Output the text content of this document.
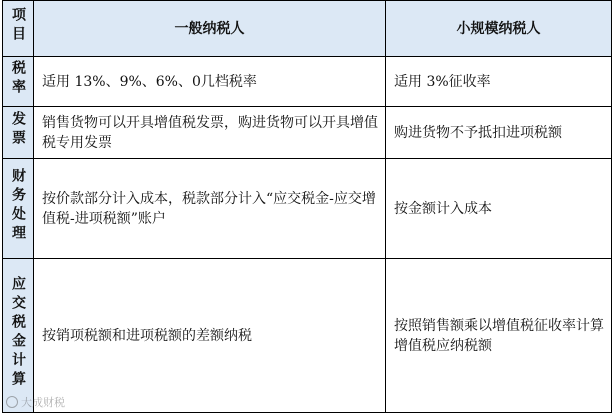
项目	一般纳税人	小规模纳税人
税率	适用 13%、9%、6%、0几档税率	适用 3%征收率
发票	销售货物可以开具增值税发票，购进货物可以开具增值税专用发票	购进货物不予抵扣进项税额
财务处理	按价款部分计入成本，税款部分计入“应交税金-应交增值税-进项税额”账户	按金额计入成本
应交税金计算	按销项税额和进项税额的差额纳税	按照销售额乘以增值税征收率计算增值税应纳税额
大成财税
